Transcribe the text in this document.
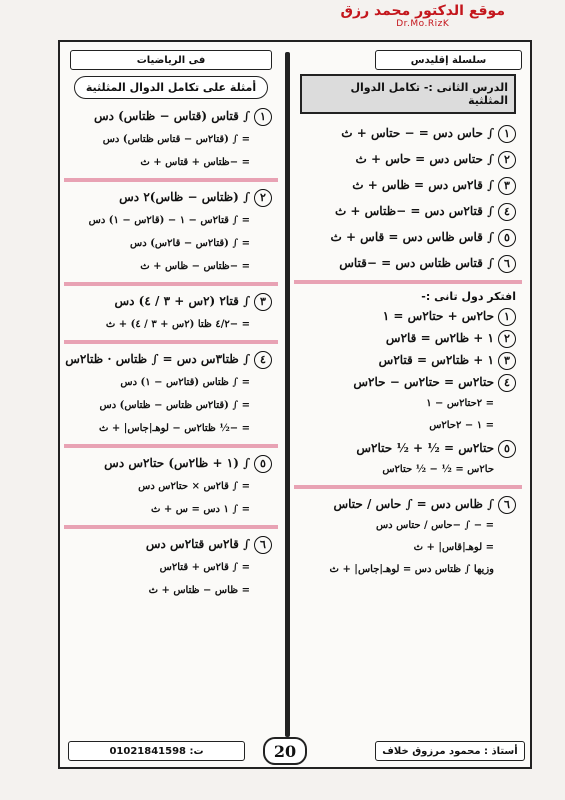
موقع الدكتور محمد رزق
Dr.Mo.RizK
فى الرياضيات	سلسلة إقليدس
أمثلة على تكامل الدوال المثلثية
١∫ ﻗﺘﺎس (ﻗﺘﺎس − ﻇﺘﺎس) دس
= ∫ (ﻗﺘﺎ٢س − ﻗﺘﺎس ﻇﺘﺎس) دس
= −ﻇﺘﺎس + ﻗﺘﺎس + ث
٢∫ (ﻇﺘﺎس − ﻇﺎس)٢ دس
= ∫ ﻗﺘﺎ٢س − ١ − (ﻗﺎ٢س − ١) دس
= ∫ (ﻗﺘﺎ٢س − ﻗﺎ٢س) دس
= −ﻇﺘﺎس − ﻇﺎس + ث
٣∫ ﻗﺘﺎ٢ (٢س + ٣ / ٤) دس
= −٤/٢ ﻇﺘﺎ (٢س + ٣ / ٤) + ث
٤∫ ﻇﺘﺎ٣س دس = ∫ ﻇﺘﺎس · ﻇﺘﺎ٢س
= ∫ ﻇﺘﺎس (ﻗﺘﺎ٢س − ١) دس
= ∫ (ﻗﺘﺎ٢س ﻇﺘﺎس − ﻇﺘﺎس) دس
= −½ ﻇﺘﺎ٢س − لوهـ|ﺟﺎس| + ث
٥∫ (١ + ﻇﺎ٢س) ﺣﺘﺎ٢س دس
= ∫ ﻗﺎ٢س × ﺣﺘﺎ٢س دس
= ∫ ١ دس = س + ث
٦∫ ﻗﺎ٢س ﻗﺘﺎ٢س دس
= ∫ ﻗﺎ٢س + ﻗﺘﺎ٢س
= ﻇﺎس − ﻇﺘﺎس + ث
الدرس الثانى :- تكامل الدوال المثلثية
١∫ ﺣﺎس دس = − ﺣﺘﺎس + ث
٢∫ ﺣﺘﺎس دس = ﺣﺎس + ث
٣∫ ﻗﺎ٢س دس = ﻇﺎس + ث
٤∫ ﻗﺘﺎ٢س دس = −ﻇﺘﺎس + ث
٥∫ ﻗﺎس ﻇﺎس دس = ﻗﺎس + ث
٦∫ ﻗﺘﺎس ﻇﺘﺎس دس = −ﻗﺘﺎس
افتكر دول تانى :-
١ﺣﺎ٢س + ﺣﺘﺎ٢س = ١
٢١ + ﻇﺎ٢س = ﻗﺎ٢س
٣١ + ﻇﺘﺎ٢س = ﻗﺘﺎ٢س
٤ﺣﺘﺎ٢س = ﺣﺘﺎ٢س − ﺣﺎ٢س
= ٢ﺣﺘﺎ٢س − ١
= ١ − ٢ﺣﺎ٢س
٥ﺣﺘﺎ٢س = ½ + ½ ﺣﺘﺎ٢س
ﺣﺎ٢س = ½ − ½ ﺣﺘﺎ٢س
٦∫ ﻇﺎس دس = ∫ ﺣﺎس / ﺣﺘﺎس
= − ∫ −ﺣﺎس / ﺣﺘﺎس دس
= لوهـ|ﻗﺎس| + ث
وزيها ∫ ﻇﺘﺎس دس = لوهـ|ﺟﺎس| + ث
ت: 01021841598	20	أستاذ : محمود مرزوق خلاف
